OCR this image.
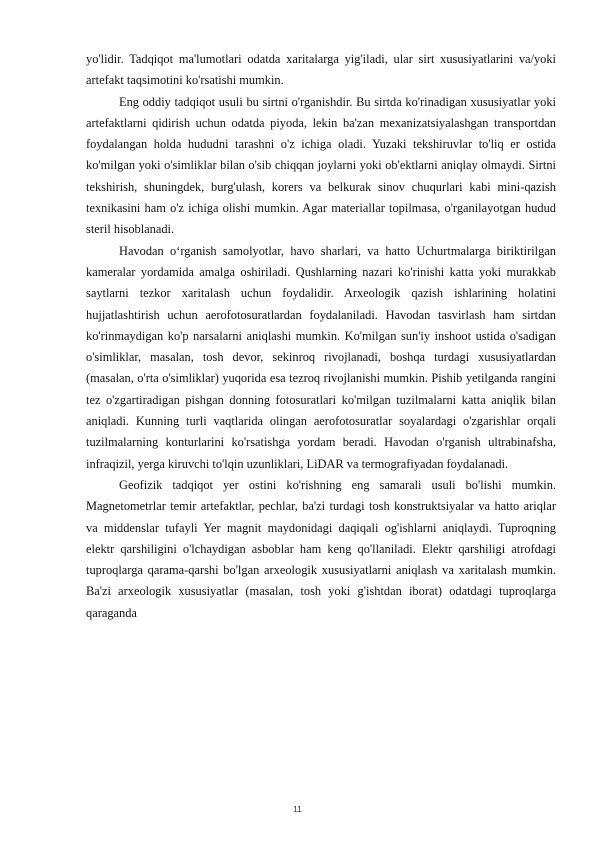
yo'lidir. Tadqiqot ma'lumotlari odatda xaritalarga yig'iladi, ular sirt xususiyatlarini va/yoki artefakt taqsimotini ko'rsatishi mumkin.

Eng oddiy tadqiqot usuli bu sirtni o'rganishdir. Bu sirtda ko'rinadigan xususiyatlar yoki artefaktlarni qidirish uchun odatda piyoda, lekin ba'zan mexanizatsiyalashgan transportdan foydalangan holda hududni tarashni o'z ichiga oladi. Yuzaki tekshiruvlar to'liq er ostida ko'milgan yoki o'simliklar bilan o'sib chiqqan joylarni yoki ob'ektlarni aniqlay olmaydi. Sirtni tekshirish, shuningdek, burg'ulash, korers va belkurak sinov chuqurlari kabi mini-qazish texnikasini ham o'z ichiga olishi mumkin. Agar materiallar topilmasa, o'rganilayotgan hudud steril hisoblanadi.

Havodan o‘rganish samolyotlar, havo sharlari, va hatto Uchurtmalarga biriktirilgan kameralar yordamida amalga oshiriladi. Qushlarning nazari ko'rinishi katta yoki murakkab saytlarni tezkor xaritalash uchun foydalidir. Arxeologik qazish ishlarining holatini hujjatlashtirish uchun aerofotosuratlardan foydalaniladi. Havodan tasvirlash ham sirtdan ko'rinmaydigan ko'p narsalarni aniqlashi mumkin. Ko'milgan sun'iy inshoot ustida o'sadigan o'simliklar, masalan, tosh devor, sekinroq rivojlanadi, boshqa turdagi xususiyatlardan (masalan, o'rta o'simliklar) yuqorida esa tezroq rivojlanishi mumkin. Pishib yetilganda rangini tez o'zgartiradigan pishgan donning fotosuratlari ko'milgan tuzilmalarni katta aniqlik bilan aniqladi. Kunning turli vaqtlarida olingan aerofotosuratlar soyalardagi o'zgarishlar orqali tuzilmalarning konturlarini ko'rsatishga yordam beradi. Havodan o'rganish ultrabinafsha, infraqizil, yerga kiruvchi to'lqin uzunliklari, LiDAR va termografiyadan foydalanadi.

Geofizik tadqiqot yer ostini ko'rishning eng samarali usuli bo'lishi mumkin. Magnetometrlar temir artefaktlar, pechlar, ba'zi turdagi tosh konstruktsiyalar va hatto ariqlar va middenslar tufayli Yer magnit maydonidagi daqiqali og'ishlarni aniqlaydi. Tuproqning elektr qarshiligini o'lchaydigan asboblar ham keng qo'llaniladi. Elektr qarshiligi atrofdagi tuproqlarga qarama-qarshi bo'lgan arxeologik xususiyatlarni aniqlash va xaritalash mumkin. Ba'zi arxeologik xususiyatlar (masalan, tosh yoki g'ishtdan iborat) odatdagi tuproqlarga qaraganda

11
